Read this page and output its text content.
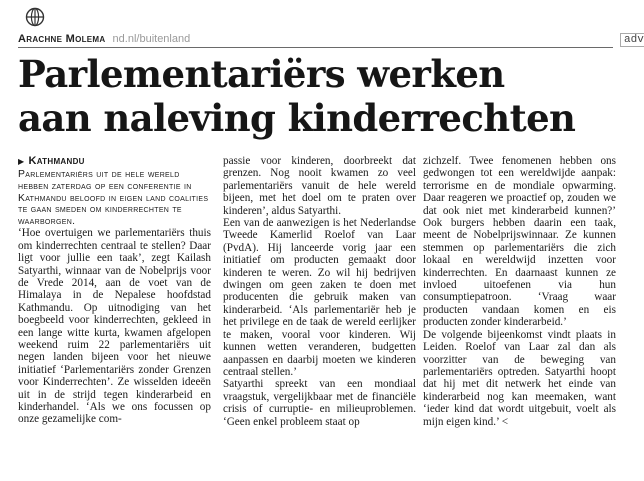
Arachne Molema nd.nl/buitenland	adv
Parlementariërs werken
aan naleving kinderrechten
▶ Kathmandu

Parlementariërs uit de hele wereld hebben zaterdag op een conferentie in Kathmandu beloofd in eigen land coalities te gaan smeden om kinderrechten te waarborgen.

‘Hoe overtuigen we parlementariërs thuis om kinderrechten centraal te stellen? Daar ligt voor jullie een taak’, zegt Kailash Satyarthi, winnaar van de Nobelprijs voor de Vrede 2014, aan de voet van de Himalaya in de Nepalese hoofdstad Kathmandu. Op uitnodiging van het boegbeeld voor kinderrechten, gekleed in een lange witte kurta, kwamen afgelopen weekend ruim 22 parlementariërs uit negen landen bijeen voor het nieuwe initiatief ‘Parlementariërs zonder Grenzen voor Kinderrechten’. Ze wisselden ideeën uit in de strijd tegen kinderarbeid en kinderhandel. ‘Als we ons focussen op onze gezamelijke com-

passie voor kinderen, doorbreekt dat grenzen. Nog nooit kwamen zo veel parlementariërs vanuit de hele wereld bijeen, met het doel om te praten over kinderen’, aldus Satyarthi.

Een van de aanwezigen is het Nederlandse Tweede Kamerlid Roelof van Laar (PvdA). Hij lanceerde vorig jaar een initiatief om producten gemaakt door kinderen te weren. Zo wil hij bedrijven dwingen om geen zaken te doen met producenten die gebruik maken van kinderarbeid. ‘Als parlementariër heb je het privilege en de taak de wereld eerlijker te maken, vooral voor kinderen. Wij kunnen wetten veranderen, budgetten aanpassen en daarbij moeten we kinderen centraal stellen.’

Satyarthi spreekt van een mondiaal vraagstuk, vergelijkbaar met de financiële crisis of curruptie- en milieuproblemen. ‘Geen enkel probleem staat op

zichzelf. Twee fenomenen hebben ons gedwongen tot een wereldwijde aanpak: terrorisme en de mondiale opwarming. Daar reageren we proactief op, zouden we dat ook niet met kinderarbeid kunnen?’ Ook burgers hebben daarin een taak, meent de Nobelprijswinnaar. Ze kunnen stemmen op parlementariërs die zich lokaal en wereldwijd inzetten voor kinderrechten. En daarnaast kunnen ze invloed uitoefenen via hun consumptiepatroon. ‘Vraag waar producten vandaan komen en eis producten zonder kinderarbeid.’

De volgende bijeenkomst vindt plaats in Leiden. Roelof van Laar zal dan als voorzitter van de beweging van parlementariërs optreden. Satyarthi hoopt dat hij met dit netwerk het einde van kinderarbeid nog kan meemaken, want ‘ieder kind dat wordt uitgebuit, voelt als mijn eigen kind.’ <
